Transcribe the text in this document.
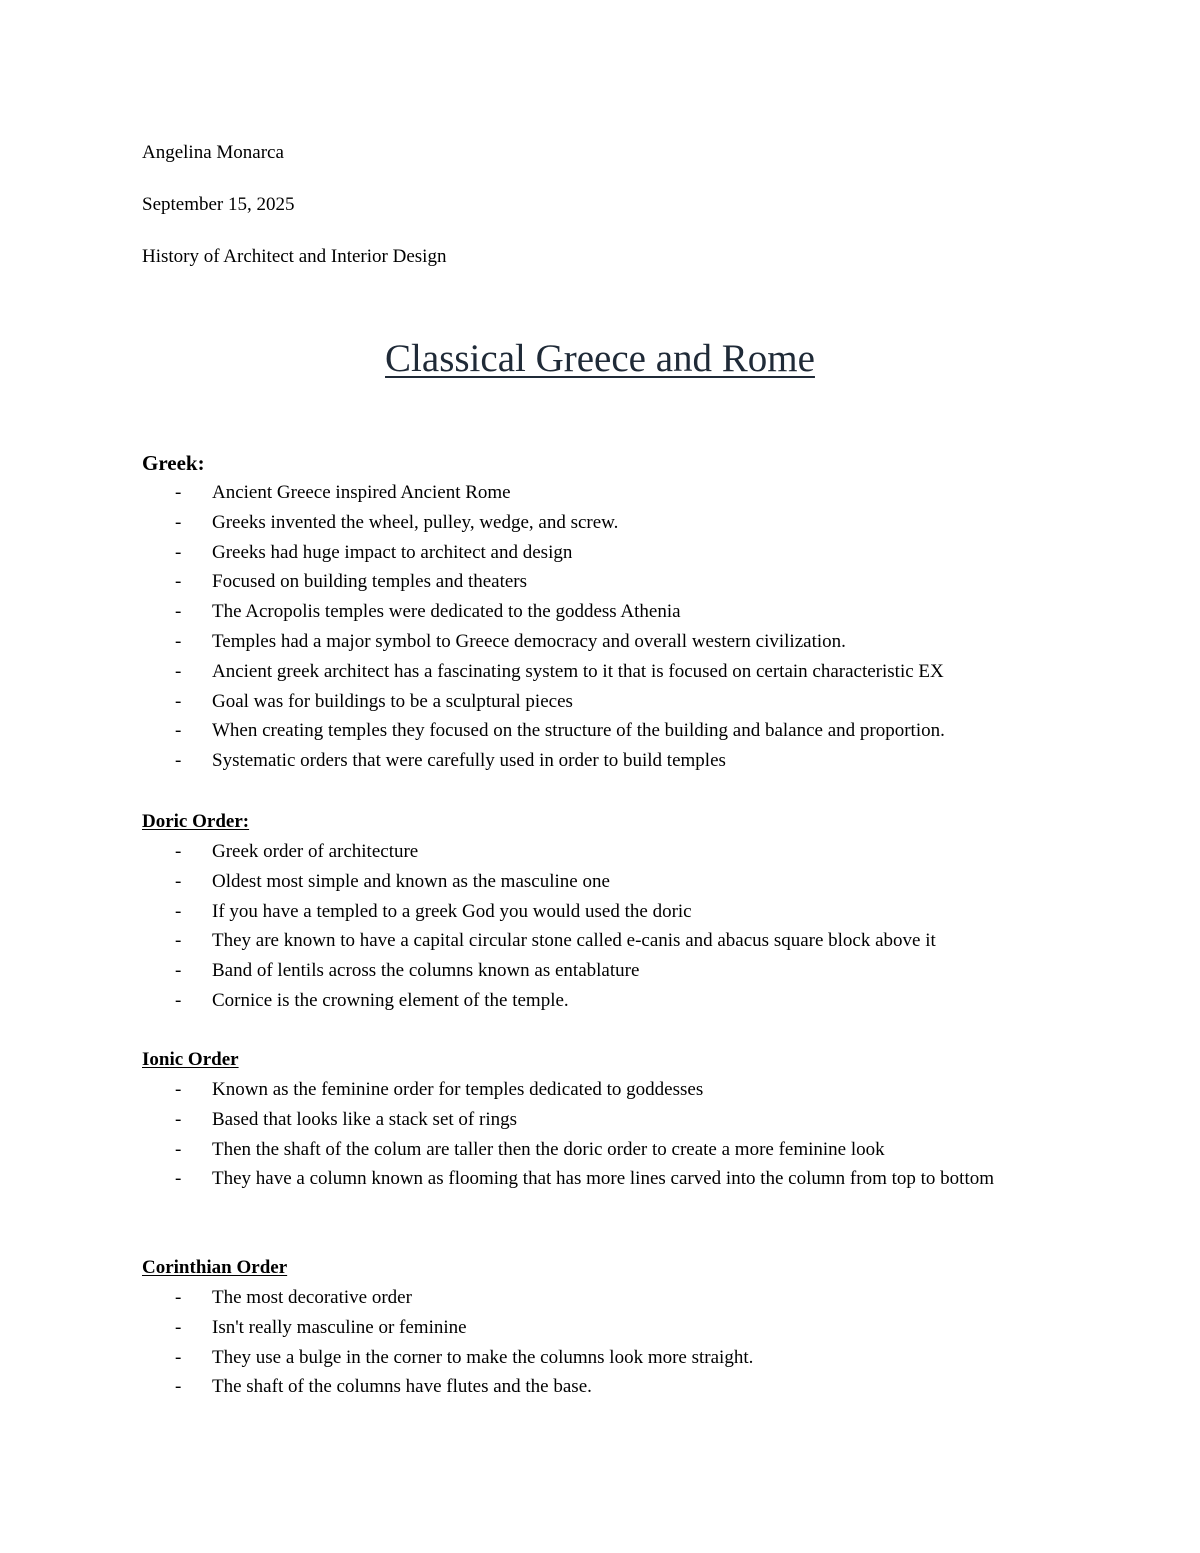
Angelina Monarca
September 15, 2025
History of Architect and Interior Design
Classical Greece and Rome
Greek:
- Ancient Greece inspired Ancient Rome
- Greeks invented the wheel, pulley, wedge, and screw.
- Greeks had huge impact to architect and design
- Focused on building temples and theaters
- The Acropolis temples were dedicated to the goddess Athenia
- Temples had a major symbol to Greece democracy and overall western civilization.
- Ancient greek architect has a fascinating system to it that is focused on certain characteristic EX
- Goal was for buildings to be a sculptural pieces
- When creating temples they focused on the structure of the building and balance and proportion.
- Systematic orders that were carefully used in order to build temples
Doric Order:
- Greek order of architecture
- Oldest most simple and known as the masculine one
- If you have a templed to a greek God you would used the doric
- They are known to have a capital circular stone called e-canis and abacus square block above it
- Band of lentils across the columns known as entablature
- Cornice is the crowning element of the temple.
Ionic Order
- Known as the feminine order for temples dedicated to goddesses
- Based that looks like a stack set of rings
- Then the shaft of the colum are taller then the doric order to create a more feminine look
- They have a column known as flooming that has more lines carved into the column from top to bottom
Corinthian Order
- The most decorative order
- Isn't really masculine or feminine
- They use a bulge in the corner to make the columns look more straight.
- The shaft of the columns have flutes and the base.
